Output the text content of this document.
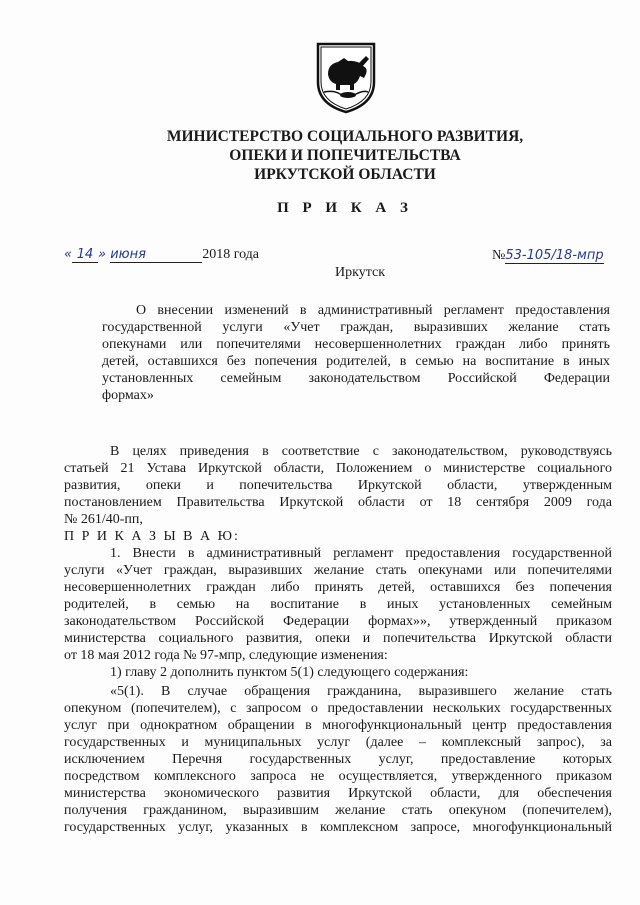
МИНИСТЕРСТВО СОЦИАЛЬНОГО РАЗВИТИЯ,
ОПЕКИ И ПОПЕЧИТЕЛЬСТВА
ИРКУТСКОЙ ОБЛАСТИ
П Р И К А З
« 14 » июня	2018 года	№53-105/18-мпр
Иркутск
О внесении изменений в административный регламент предоставления
государственной услуги «Учет граждан, выразивших желание стать
опекунами или попечителями несовершеннолетних граждан либо принять
детей, оставшихся без попечения родителей, в семью на воспитание в иных
установленных семейным законодательством Российской Федерации
формах»
В целях приведения в соответствие с законодательством, руководствуясь
статьей 21 Устава Иркутской области, Положением о министерстве социального
развития, опеки и попечительства Иркутской области, утвержденным
постановлением Правительства Иркутской области от 18 сентября 2009 года
№ 261/40-пп,
П Р И К А З Ы В А Ю:
1. Внести в административный регламент предоставления государственной
услуги «Учет граждан, выразивших желание стать опекунами или попечителями
несовершеннолетних граждан либо принять детей, оставшихся без попечения
родителей, в семью на воспитание в иных установленных семейным
законодательством Российской Федерации формах»», утвержденный приказом
министерства социального развития, опеки и попечительства Иркутской области
от 18 мая 2012 года № 97-мпр, следующие изменения:
1) главу 2 дополнить пунктом 5(1) следующего содержания:
«5(1). В случае обращения гражданина, выразившего желание стать
опекуном (попечителем), с запросом о предоставлении нескольких государственных
услуг при однократном обращении в многофункциональный центр предоставления
государственных и муниципальных услуг (далее – комплексный запрос), за
исключением Перечня государственных услуг, предоставление которых
посредством комплексного запроса не осуществляется, утвержденного приказом
министерства экономического развития Иркутской области, для обеспечения
получения гражданином, выразившим желание стать опекуном (попечителем),
государственных услуг, указанных в комплексном запросе, многофункциональный
